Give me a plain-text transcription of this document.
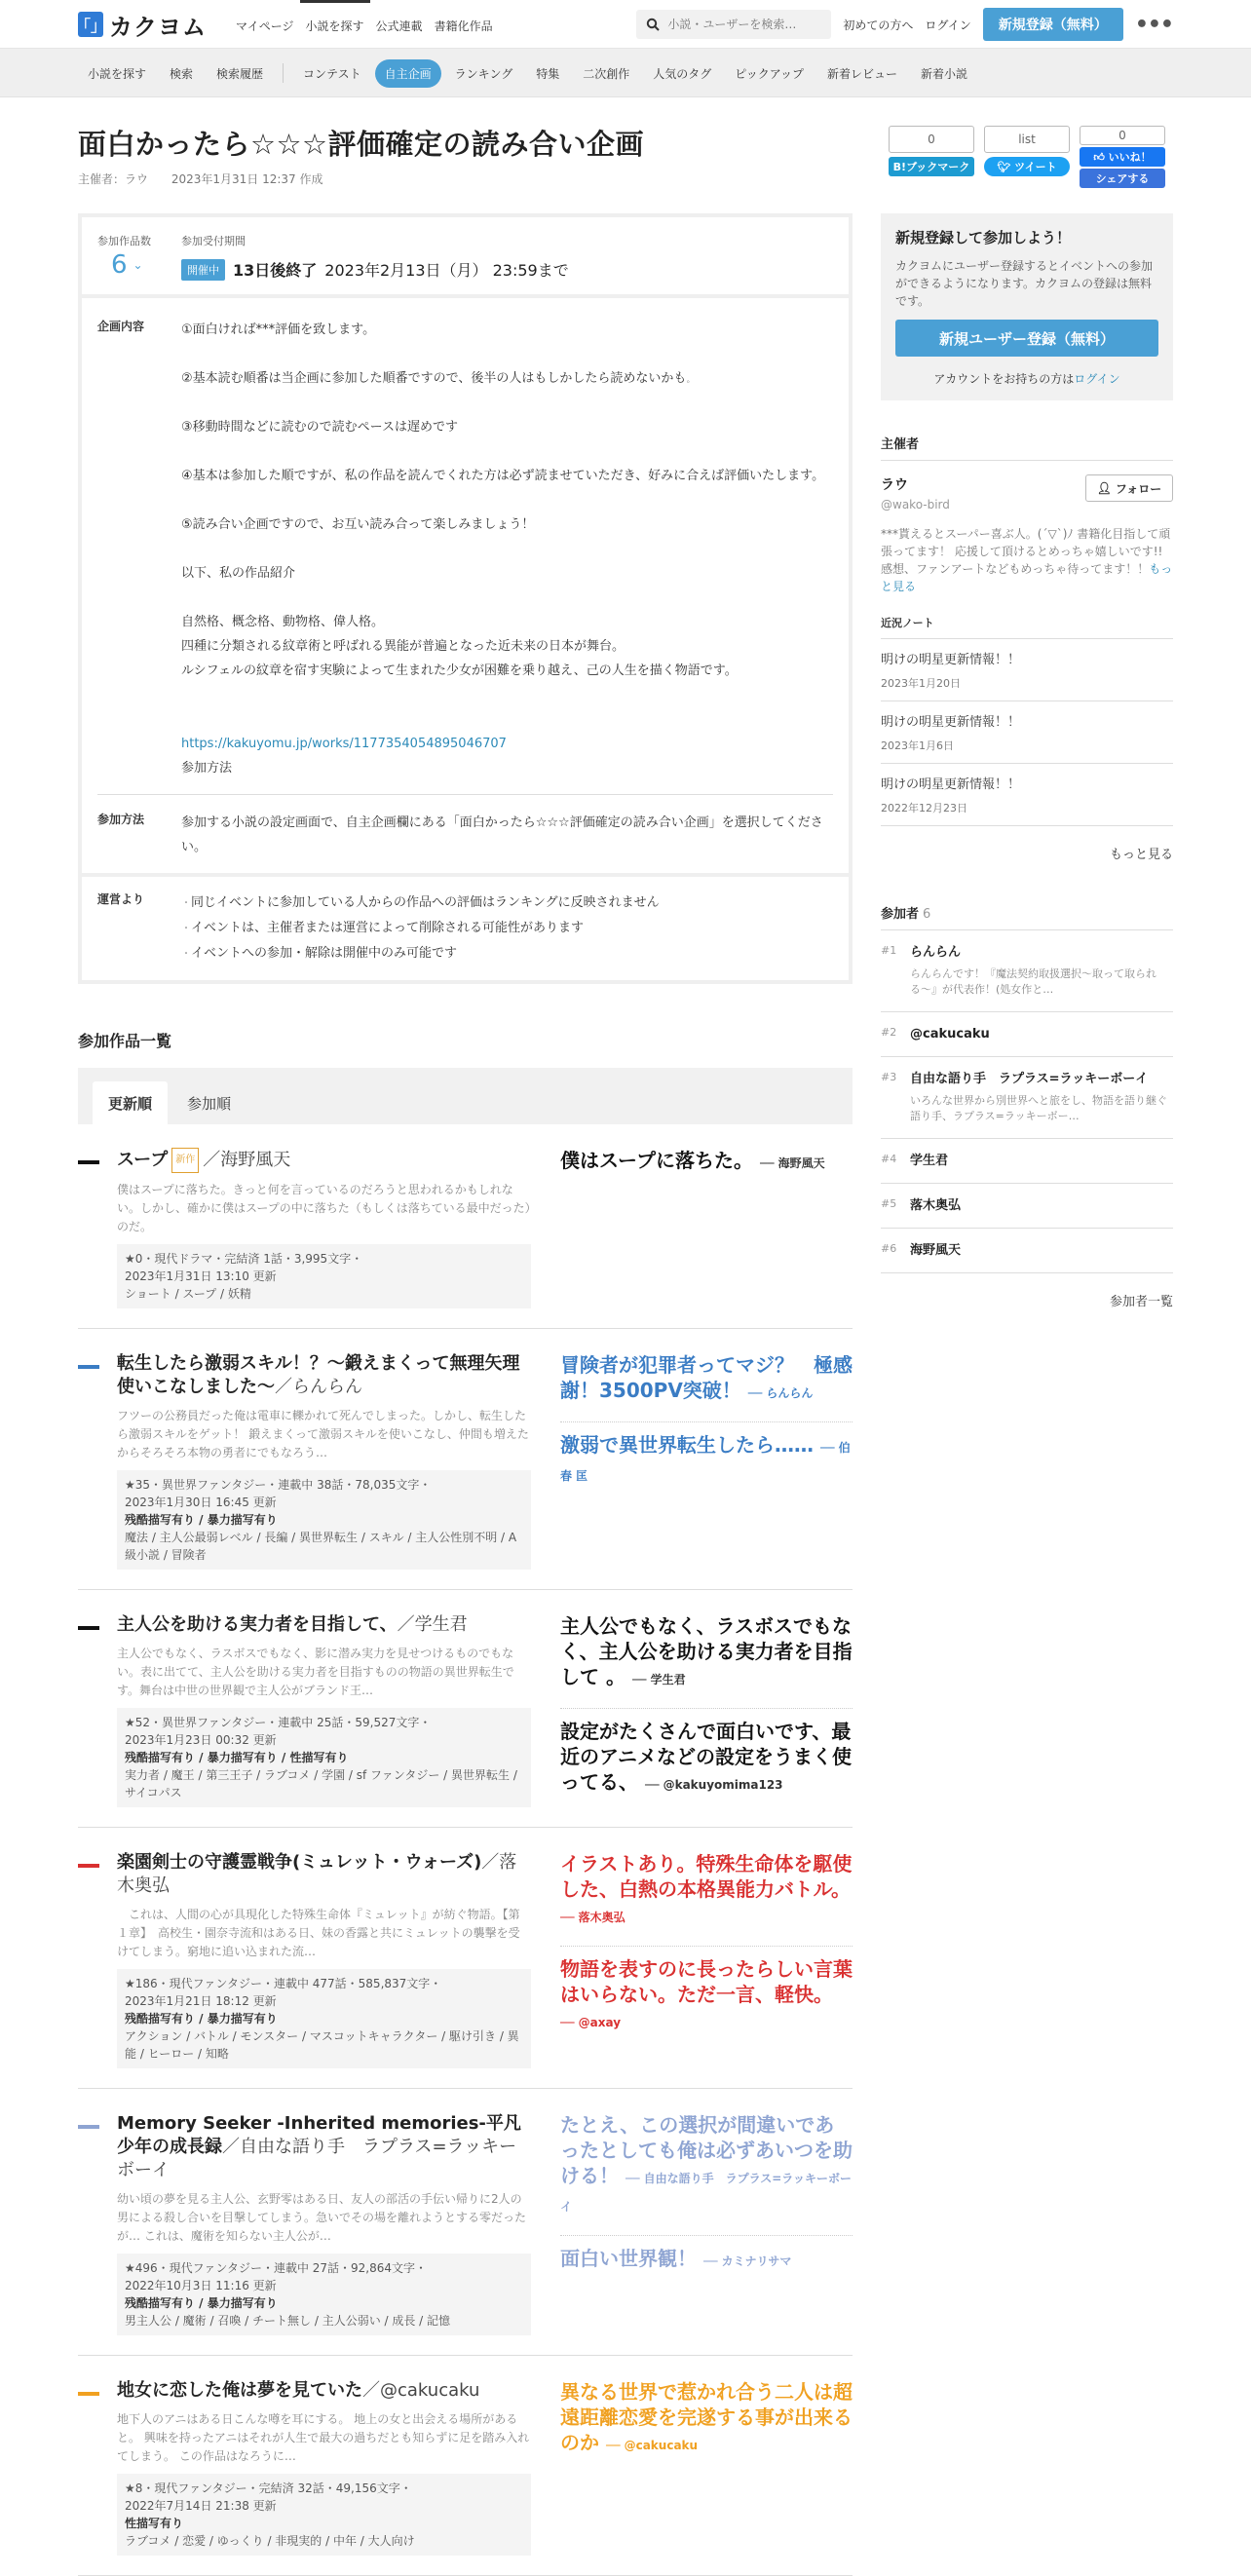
「」 カクヨム	マイページ	小説を探す	公式連載	書籍化作品
小説・ユーザーを検索…	初めての方へ ログイン	新規登録（無料）	•••
小説を探す	検索	検索履歴	コンテスト	自主企画	ランキング	特集	二次創作	人気のタグ	ピックアップ	新着レビュー	新着小説
面白かったら☆☆☆評価確定の読み合い企画
主催者：ラウ 2023年1月31日 12:37 作成
参加作品数
6 ⌄
参加受付期間
開催中 13日後終了 2023年2月13日（月） 23:59まで
企画内容	①面白ければ***評価を致します。

②基本読む順番は当企画に参加した順番ですので、後半の人はもしかしたら読めないかも𓈒

③移動時間などに読むので読むペースは遅めです

④基本は参加した順ですが、私の作品を読んでくれた方は必ず読ませていただき、好みに合えば評価いたします。

⑤読み合い企画ですので、お互い読み合って楽しみましょう！

以下、私の作品紹介

自然格、概念格、動物格、偉人格。

四種に分類される紋章術と呼ばれる異能が普遍となった近未来の日本が舞台。

ルシフェルの紋章を宿す実験によって生まれた少女が困難を乗り越え、己の人生を描く物語です。

https://kakuyomu.jp/works/1177354054895046707

参加方法

参加方法	参加する小説の設定画面で、自主企画欄にある「面白かったら☆☆☆評価確定の読み合い企画」を選択してください。
運営より
・	同じイベントに参加している人からの作品への評価はランキングに反映されません
・ イベントは、主催者または運営によって削除される可能性があります
・ イベントへの参加・解除は開催中のみ可能です
参加作品一覧
更新順	参加順
スープ 新作 ／海野風天
僕はスープに落ちた。きっと何を言っているのだろうと思われるかもしれない。しかし、確かに僕はスープの中に落ちた（もしくは落ちている最中だった）のだ。
★0・現代ドラマ・完結済 1話・3,995文字・
2023年1月31日 13:10 更新
ショート / スープ / 妖精
僕はスープに落ちた。 ── 海野風天
転生したら激弱スキル！？〜鍛えまくって無理矢理使いこなしました〜／らんらん
フツーの公務員だった俺は電車に轢かれて死んでしまった。しかし、転生したら激弱スキルをゲット！ 鍛えまくって激弱スキルを使いこなし、仲間も増えたからそろそろ本物の勇者にでもなろう…
★35・異世界ファンタジー・連載中 38話・78,035文字・
2023年1月30日 16:45 更新
残酷描写有り / 暴力描写有り
魔法 / 主人公最弱レベル / 長編 / 異世界転生 / スキル / 主人公性別不明 / A級小説 / 冒険者
冒険者が犯罪者ってマジ？　極感謝！3500PV突破！ ── らんらん
激弱で異世界転生したら…… ── 伯春 匡
主人公を助ける実力者を目指して、／学生君
主人公でもなく、ラスボスでもなく、影に潜み実力を見せつけるものでもない。表に出てて、主人公を助ける実力者を目指すものの物語の異世界転生です。舞台は中世の世界観で主人公がブランド王…
★52・異世界ファンタジー・連載中 25話・59,527文字・
2023年1月23日 00:32 更新
残酷描写有り / 暴力描写有り / 性描写有り
実力者 / 魔王 / 第三王子 / ラブコメ / 学園 / sf ファンタジー / 異世界転生 / サイコパス
主人公でもなく、ラスボスでもなく、主人公を助ける実力者を目指して 。 ── 学生君
設定がたくさんで面白いです、最近のアニメなどの設定をうまく使ってる、 ── @kakuyomima123
楽園剣士の守護霊戦争(ミュレット・ウォーズ)／落木奥弘
　これは、人間の心が具現化した特殊生命体『ミュレット』が紡ぐ物語。【第１章】　高校生・園奈寺流和はある日、妹の香露と共にミュレットの襲撃を受けてしまう。窮地に追い込まれた流…
★186・現代ファンタジー・連載中 477話・585,837文字・
2023年1月21日 18:12 更新
残酷描写有り / 暴力描写有り
アクション / バトル / モンスター / マスコットキャラクター / 駆け引き / 異能 / ヒーロー / 知略
イラストあり。特殊生命体を駆使した、白熱の本格異能力バトル。 ── 落木奥弘
物語を表すのに長ったらしい言葉はいらない。ただ一言、軽快。 ── @axay
Memory Seeker -Inherited memories-平凡少年の成長録／自由な語り手　ラプラス=ラッキーボーイ
幼い頃の夢を見る主人公、玄野零はある日、友人の部活の手伝い帰りに2人の男による殺し合いを目撃してしまう。急いでその場を離れようとする零だったが… これは、魔術を知らない主人公が…
★496・現代ファンタジー・連載中 27話・92,864文字・
2022年10月3日 11:16 更新
残酷描写有り / 暴力描写有り
男主人公 / 魔術 / 召喚 / チート無し / 主人公弱い / 成長 / 記憶
たとえ、この選択が間違いであったとしても俺は必ずあいつを助ける！ ── 自由な語り手　ラプラス=ラッキーボーイ
面白い世界観！ ── カミナリサマ
地女に恋した俺は夢を見ていた／@cakucaku
地下人のアニはある日こんな噂を耳にする。 地上の女と出会える場所があると。 興味を持ったアニはそれが人生で最大の過ちだとも知らずに足を踏み入れてしまう。 この作品はなろうに…
★8・現代ファンタジー・完結済 32話・49,156文字・
2022年7月14日 21:38 更新
性描写有り
ラブコメ / 恋愛 / ゆっくり / 非現実的 / 中年 / 大人向け
異なる世界で惹かれ合う二人は超遠距離恋愛を完遂する事が出来るのか ── @cakucaku
0
B!ブックマーク
list
🐦︎
ツイート
0
👍︎
いいね！
シェアする
新規登録して参加しよう！

カクヨムにユーザー登録するとイベントへの参加ができるようになります。カクヨムの登録は無料です。

新規ユーザー登録（無料）
アカウントをお持ちの方はログイン
主催者
ラウ
@wako-bird
👤︎ フォロー
***貰えるとスーパー喜ぶ人。(´▽`)ﾉ 書籍化目指して頑張ってます！ 応援して頂けるとめっちゃ嬉しいです!! 感想、ファンアートなどもめっちゃ待ってます！！もっと見る
近況ノート
明けの明星更新情報！！
2023年1月20日
明けの明星更新情報！！
2023年1月6日
明けの明星更新情報！！
2022年12月23日
もっと見る
参加者 6
#1	らんらん
らんらんです！『魔法契約取扱選択〜取って取られる〜』が代表作！(処女作と…
#2	@cakucaku
#3	自由な語り手　ラプラス=ラッキーボーイ
いろんな世界から別世界へと旅をし、物語を語り継ぐ語り手、ラプラス=ラッキーボー…
#4	学生君
#5	落木奥弘
#6	海野風天
参加者一覧
